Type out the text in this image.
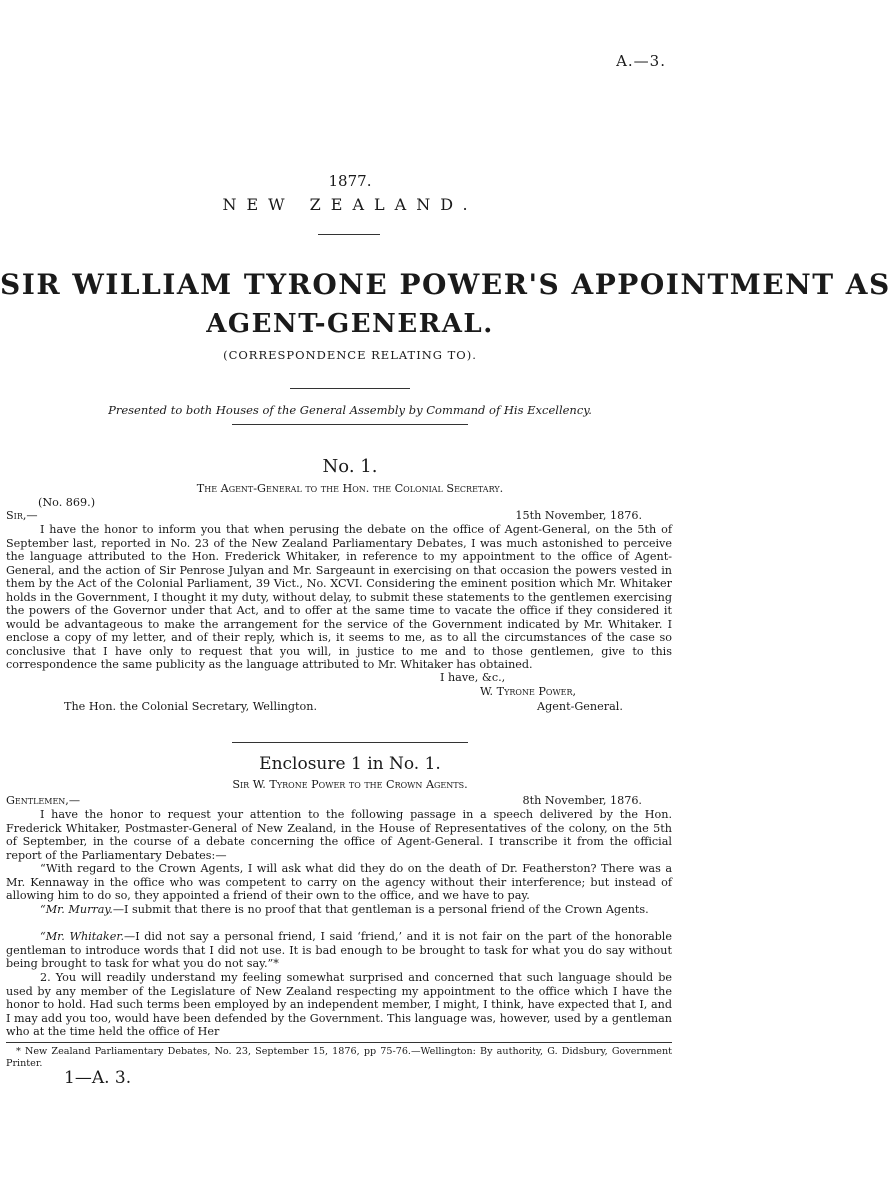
A.—3.
1877.
NEW ZEALAND.
SIR WILLIAM TYRONE POWER'S APPOINTMENT AS
AGENT-GENERAL.
(CORRESPONDENCE RELATING TO).
Presented to both Houses of the General Assembly by Command of His Excellency.
No. 1.
The Agent-General to the Hon. the Colonial Secretary.
(No. 869.)
Sir,—	15th November, 1876.

I have the honor to inform you that when perusing the debate on the office of Agent-General, on the 5th of September last, reported in No. 23 of the New Zealand Parliamentary Debates, I was much astonished to perceive the language attributed to the Hon. Frederick Whitaker, in reference to my appointment to the office of Agent-General, and the action of Sir Penrose Julyan and Mr. Sargeaunt in exercising on that occasion the powers vested in them by the Act of the Colonial Parliament, 39 Vict., No. XCVI. Considering the eminent position which Mr. Whitaker holds in the Government, I thought it my duty, without delay, to submit these statements to the gentlemen exercising the powers of the Governor under that Act, and to offer at the same time to vacate the office if they considered it would be advantageous to make the arrangement for the service of the Government indicated by Mr. Whitaker. I enclose a copy of my letter, and of their reply, which is, it seems to me, as to all the circumstances of the case so conclusive that I have only to request that you will, in justice to me and to those gentlemen, give to this correspondence the same publicity as the language attributed to Mr. Whitaker has obtained.

I have, &c.,
W. Tyrone Power,
The Hon. the Colonial Secretary, Wellington.	Agent-General.
Enclosure 1 in No. 1.
Sir W. Tyrone Power to the Crown Agents.
Gentlemen,—	8th November, 1876.

I have the honor to request your attention to the following passage in a speech delivered by the Hon. Frederick Whitaker, Postmaster-General of New Zealand, in the House of Representatives of the colony, on the 5th of September, in the course of a debate concerning the office of Agent-General. I transcribe it from the official report of the Parliamentary Debates:—

“With regard to the Crown Agents, I will ask what did they do on the death of Dr. Featherston? There was a Mr. Kennaway in the office who was competent to carry on the agency without their interference; but instead of allowing him to do so, they appointed a friend of their own to the office, and we have to pay.

“Mr. Murray.—I submit that there is no proof that that gentleman is a personal friend of the Crown Agents.

“Mr. Whitaker.—I did not say a personal friend, I said ‘friend,’ and it is not fair on the part of the honorable gentleman to introduce words that I did not use. It is bad enough to be brought to task for what you do say without being brought to task for what you do not say.”*

2. You will readily understand my feeling somewhat surprised and concerned that such language should be used by any member of the Legislature of New Zealand respecting my appointment to the office which I have the honor to hold. Had such terms been employed by an independent member, I might, I think, have expected that I, and I may add you too, would have been defended by the Government. This language was, however, used by a gentleman who at the time held the office of Her

* New Zealand Parliamentary Debates, No. 23, September 15, 1876, pp 75-76.—Wellington: By authority, G. Didsbury, Government Printer.

1—A. 3.
